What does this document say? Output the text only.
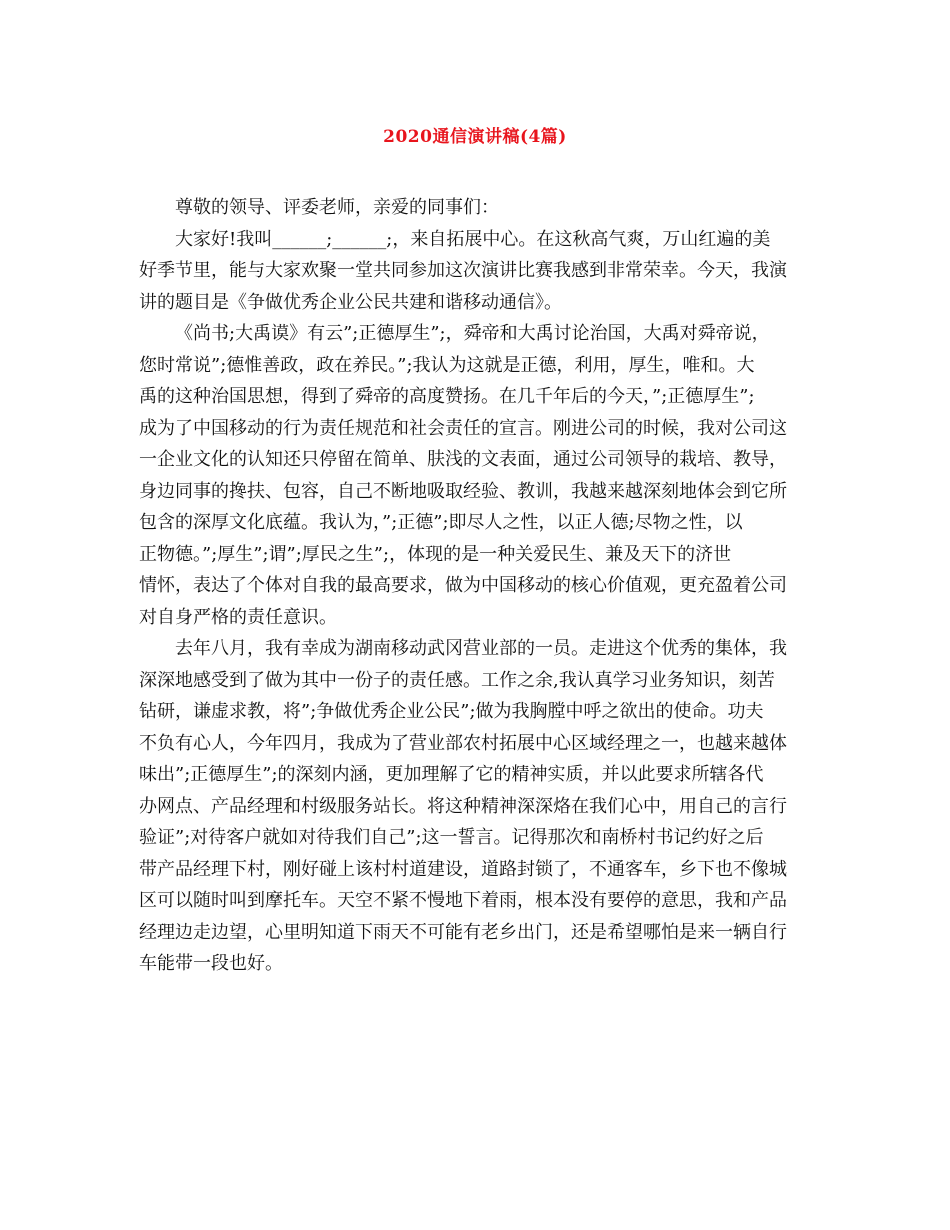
2020通信演讲稿(4篇)
尊敬的领导、评委老师，亲爱的同事们：
大家好!我叫______;______;，来自拓展中心。在这秋高气爽，万山红遍的美
好季节里，能与大家欢聚一堂共同参加这次演讲比赛我感到非常荣幸。今天，我演
讲的题目是《争做优秀企业公民共建和谐移动通信》。
《尚书;大禹谟》有云”;正德厚生”;，舜帝和大禹讨论治国，大禹对舜帝说，
您时常说”;德惟善政，政在养民。”;我认为这就是正德，利用，厚生，唯和。大
禹的这种治国思想，得到了舜帝的高度赞扬。在几千年后的今天，”;正德厚生”;
成为了中国移动的行为责任规范和社会责任的宣言。刚进公司的时候，我对公司这
一企业文化的认知还只停留在简单、肤浅的文表面，通过公司领导的栽培、教导，
身边同事的搀扶、包容，自己不断地吸取经验、教训，我越来越深刻地体会到它所
包含的深厚文化底蕴。我认为，”;正德”;即尽人之性，以正人德;尽物之性，以
正物德。”;厚生”;谓”;厚民之生”;，体现的是一种关爱民生、兼及天下的济世
情怀，表达了个体对自我的最高要求，做为中国移动的核心价值观，更充盈着公司
对自身严格的责任意识。
去年八月，我有幸成为湖南移动武冈营业部的一员。走进这个优秀的集体，我
深深地感受到了做为其中一份子的责任感。工作之余,我认真学习业务知识，刻苦
钻研，谦虚求教，将”;争做优秀企业公民”;做为我胸膛中呼之欲出的使命。功夫
不负有心人，今年四月，我成为了营业部农村拓展中心区域经理之一，也越来越体
味出”;正德厚生”;的深刻内涵，更加理解了它的精神实质，并以此要求所辖各代
办网点、产品经理和村级服务站长。将这种精神深深烙在我们心中，用自己的言行
验证”;对待客户就如对待我们自己”;这一誓言。记得那次和南桥村书记约好之后
带产品经理下村，刚好碰上该村村道建设，道路封锁了，不通客车，乡下也不像城
区可以随时叫到摩托车。天空不紧不慢地下着雨，根本没有要停的意思，我和产品
经理边走边望，心里明知道下雨天不可能有老乡出门，还是希望哪怕是来一辆自行
车能带一段也好。
